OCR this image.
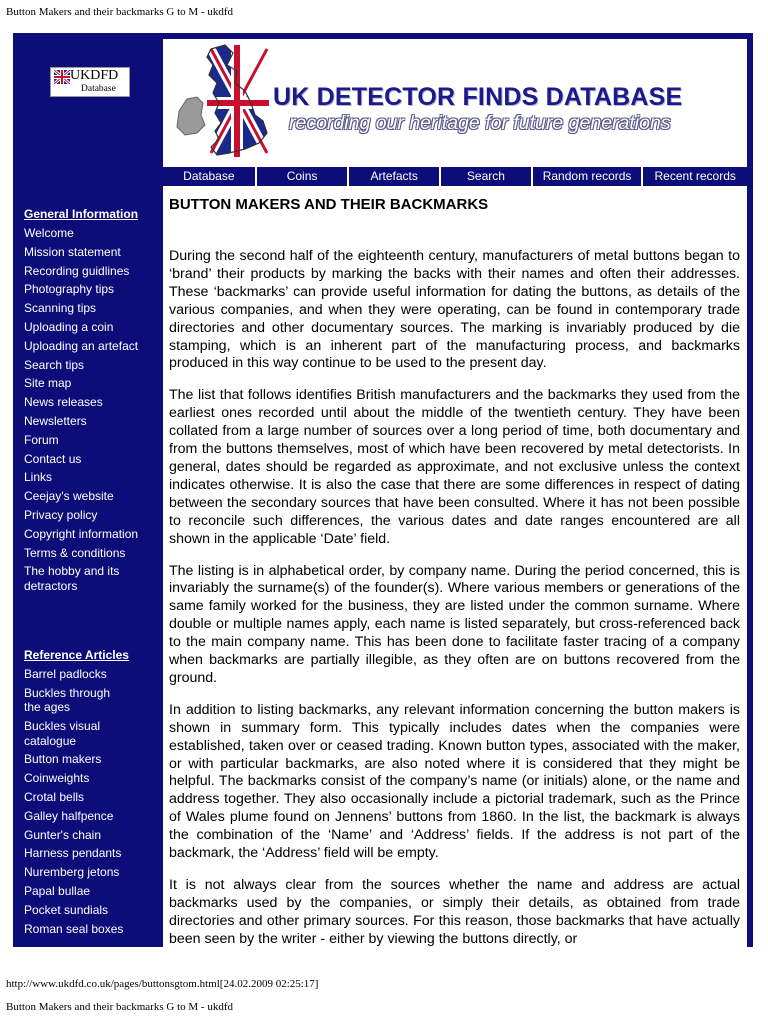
Button Makers and their backmarks G to M - ukdfd
UKDFD
Database
General Information
Welcome
Mission statement
Recording guidlines
Photography tips
Scanning tips
Uploading a coin
Uploading an artefact
Search tips
Site map
News releases
Newsletters
Forum
Contact us
Links
Ceejay's website
Privacy policy
Copyright information
Terms & conditions
The hobby and its detractors
Reference Articles
Barrel padlocks
Buckles through the ages
Buckles visual catalogue
Button makers
Coinweights
Crotal bells
Galley halfpence
Gunter's chain
Harness pendants
Nuremberg jetons
Papal bullae
Pocket sundials
Roman seal boxes
UK DETECTOR FINDS DATABASE
recording our heritage for future generations
Database	Coins	Artefacts	Search	Random records	Recent records
BUTTON MAKERS AND THEIR BACKMARKS

During the second half of the eighteenth century, manufacturers of metal buttons began to ‘brand’ their products by marking the backs with their names and often their addresses. These ‘backmarks’ can provide useful information for dating the buttons, as details of the various companies, and when they were operating, can be found in contemporary trade directories and other documentary sources. The marking is invariably produced by die stamping, which is an inherent part of the manufacturing process, and backmarks produced in this way continue to be used to the present day.

The list that follows identifies British manufacturers and the backmarks they used from the earliest ones recorded until about the middle of the twentieth century. They have been collated from a large number of sources over a long period of time, both documentary and from the buttons themselves, most of which have been recovered by metal detectorists. In general, dates should be regarded as approximate, and not exclusive unless the context indicates otherwise. It is also the case that there are some differences in respect of dating between the secondary sources that have been consulted. Where it has not been possible to reconcile such differences, the various dates and date ranges encountered are all shown in the applicable ‘Date’ field.

The listing is in alphabetical order, by company name. During the period concerned, this is invariably the surname(s) of the founder(s). Where various members or generations of the same family worked for the business, they are listed under the common surname. Where double or multiple names apply, each name is listed separately, but cross-referenced back to the main company name. This has been done to facilitate faster tracing of a company when backmarks are partially illegible, as they often are on buttons recovered from the ground.

In addition to listing backmarks, any relevant information concerning the button makers is shown in summary form. This typically includes dates when the companies were established, taken over or ceased trading. Known button types, associated with the maker, or with particular backmarks, are also noted where it is considered that they might be helpful. The backmarks consist of the company’s name (or initials) alone, or the name and address together. They also occasionally include a pictorial trademark, such as the Prince of Wales plume found on Jennens’ buttons from 1860. In the list, the backmark is always the combination of the ‘Name’ and ‘Address’ fields. If the address is not part of the backmark, the ‘Address’ field will be empty.

It is not always clear from the sources whether the name and address are actual backmarks used by the companies, or simply their details, as obtained from trade directories and other primary sources. For this reason, those backmarks that have actually been seen by the writer - either by viewing the buttons directly, or

http://www.ukdfd.co.uk/pages/buttonsgtom.html[24.02.2009 02:25:17]
Button Makers and their backmarks G to M - ukdfd
